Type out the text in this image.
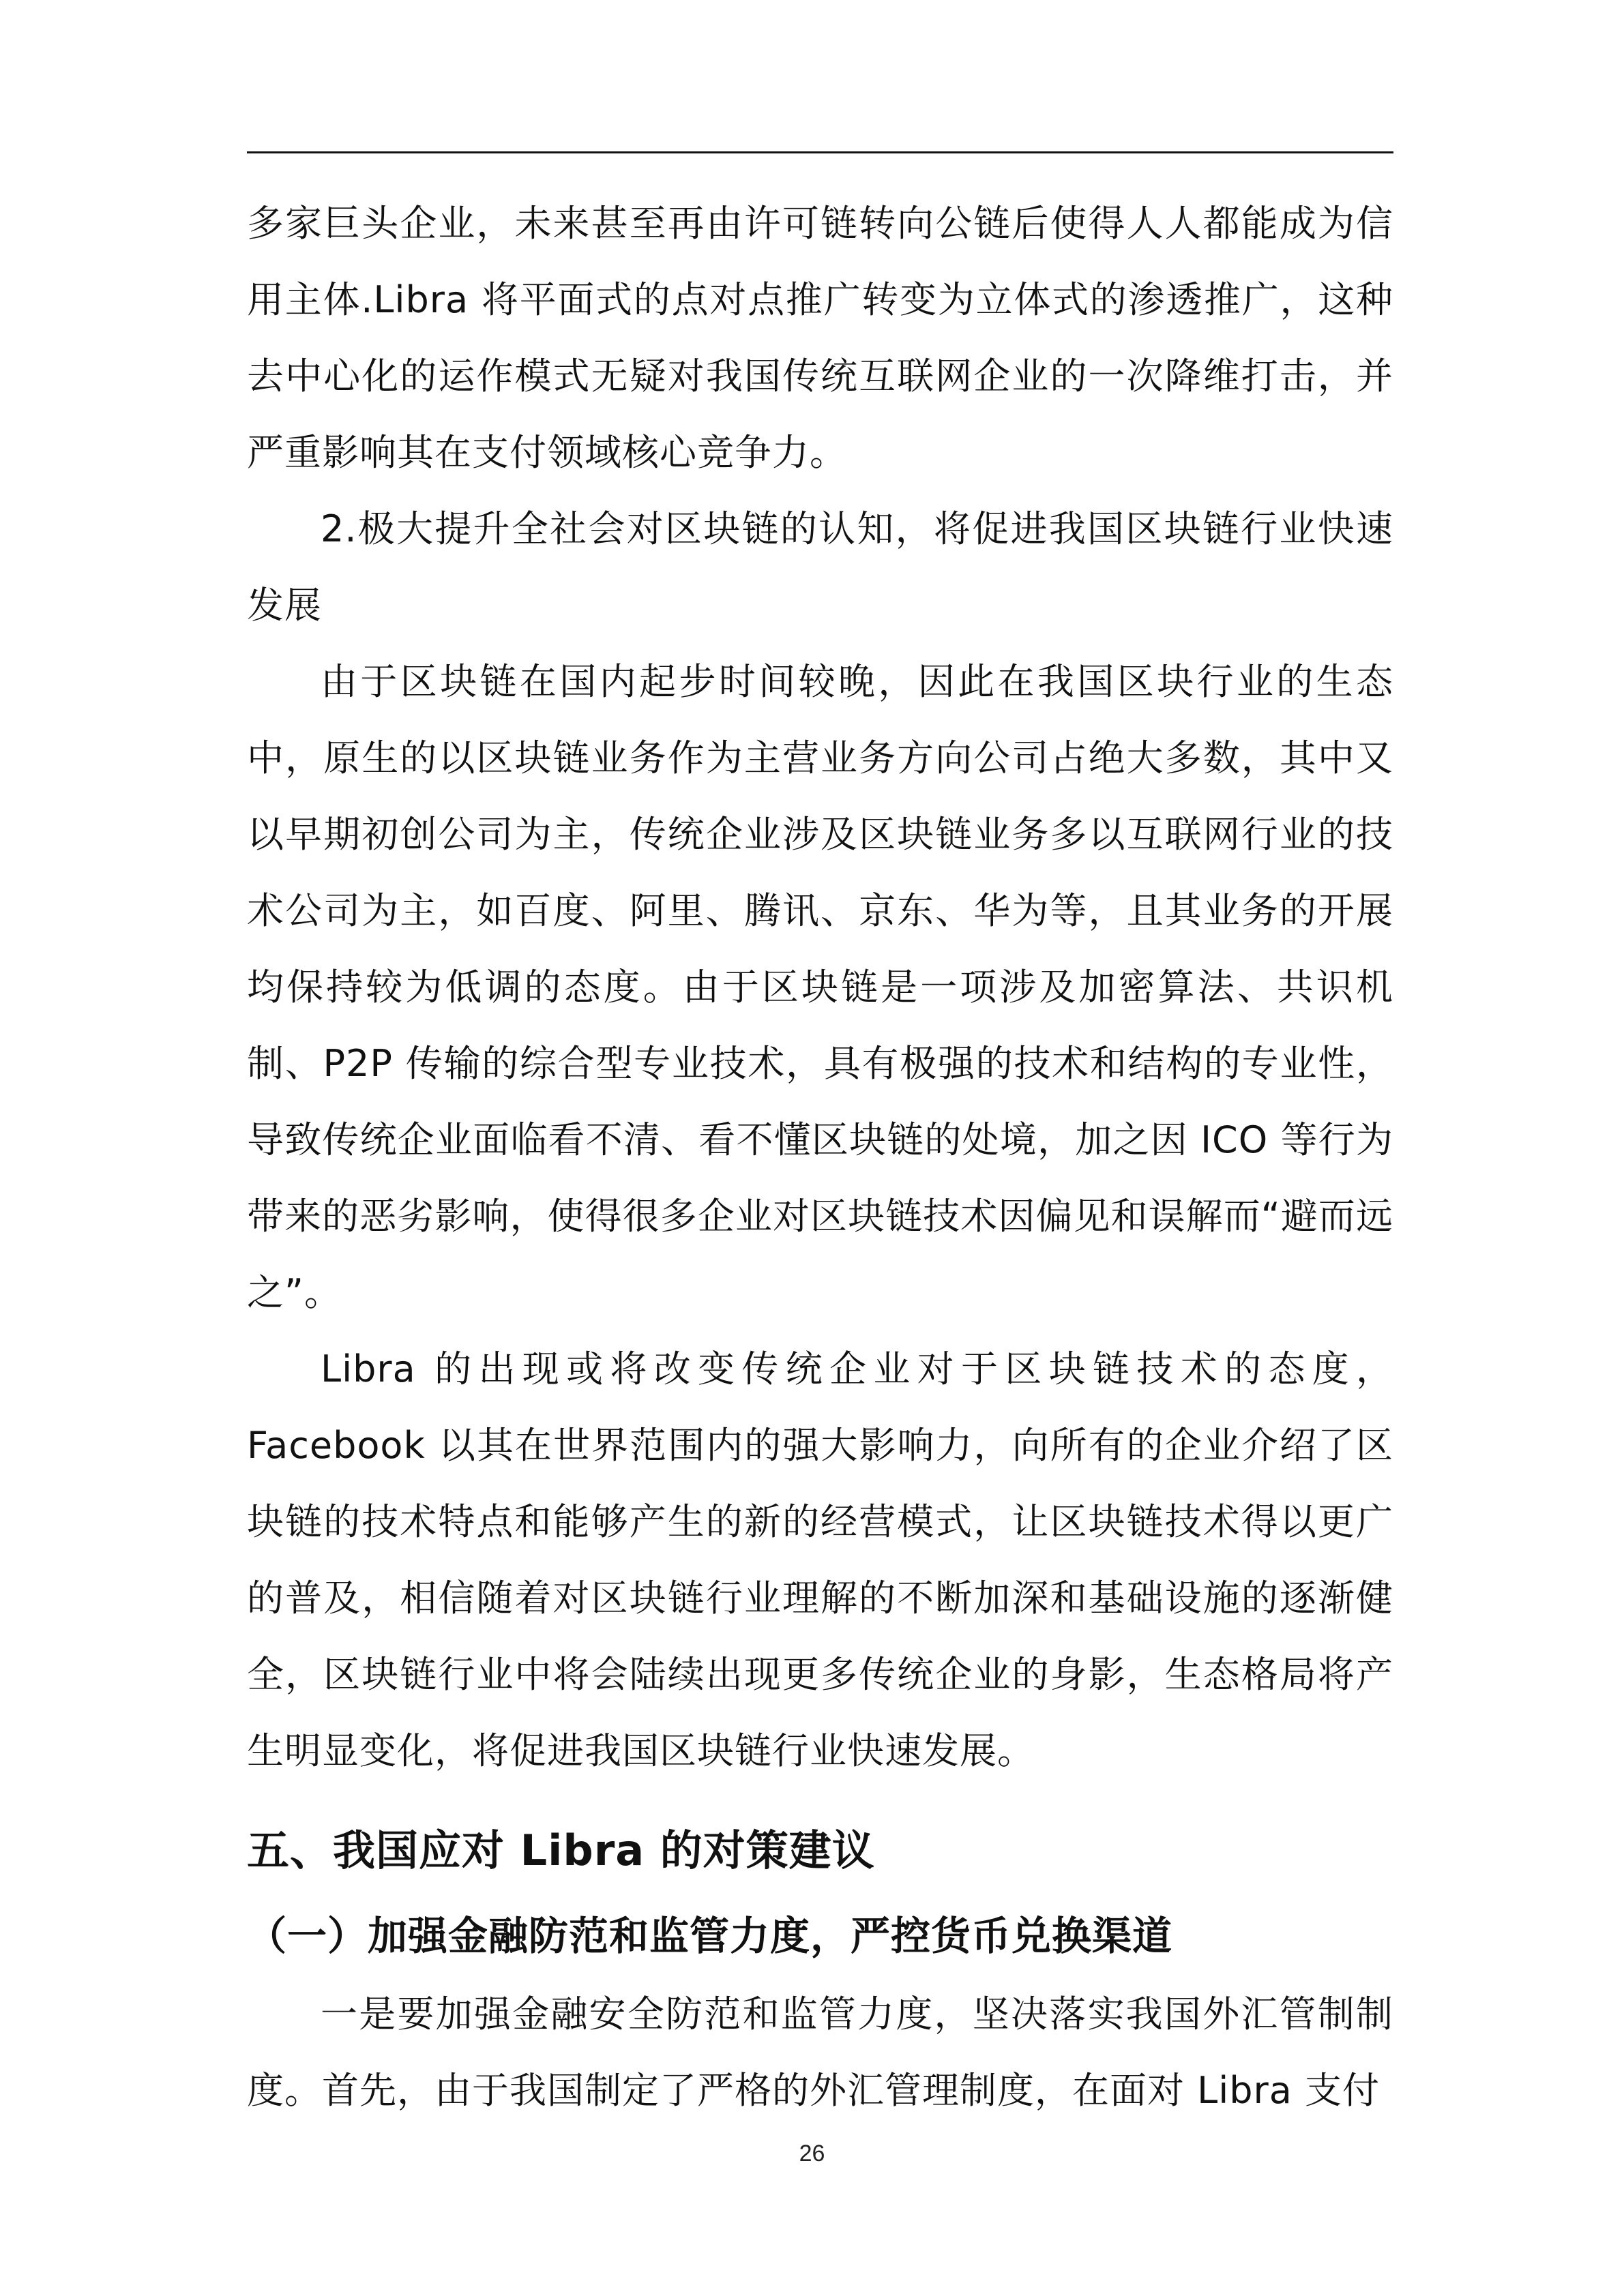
多家巨头企业，未来甚至再由许可链转向公链后使得人人都能成为信用主体.Libra 将平面式的点对点推广转变为立体式的渗透推广，这种去中心化的运作模式无疑对我国传统互联网企业的一次降维打击，并严重影响其在支付领域核心竞争力。

2.极大提升全社会对区块链的认知，将促进我国区块链行业快速发展

由于区块链在国内起步时间较晚，因此在我国区块行业的生态中，原生的以区块链业务作为主营业务方向公司占绝大多数，其中又以早期初创公司为主，传统企业涉及区块链业务多以互联网行业的技术公司为主，如百度、阿里、腾讯、京东、华为等，且其业务的开展均保持较为低调的态度。由于区块链是一项涉及加密算法、共识机制、P2P 传输的综合型专业技术，具有极强的技术和结构的专业性，导致传统企业面临看不清、看不懂区块链的处境，加之因 ICO 等行为带来的恶劣影响，使得很多企业对区块链技术因偏见和误解而“避而远之”。

Libra 的出现或将改变传统企业对于区块链技术的态度，Facebook 以其在世界范围内的强大影响力，向所有的企业介绍了区块链的技术特点和能够产生的新的经营模式，让区块链技术得以更广的普及，相信随着对区块链行业理解的不断加深和基础设施的逐渐健全，区块链行业中将会陆续出现更多传统企业的身影，生态格局将产生明显变化，将促进我国区块链行业快速发展。

五、我国应对 Libra 的对策建议
（一）加强金融防范和监管力度，严控货币兑换渠道

一是要加强金融安全防范和监管力度，坚决落实我国外汇管制制度。首先，由于我国制定了严格的外汇管理制度，在面对 Libra 支付

26
